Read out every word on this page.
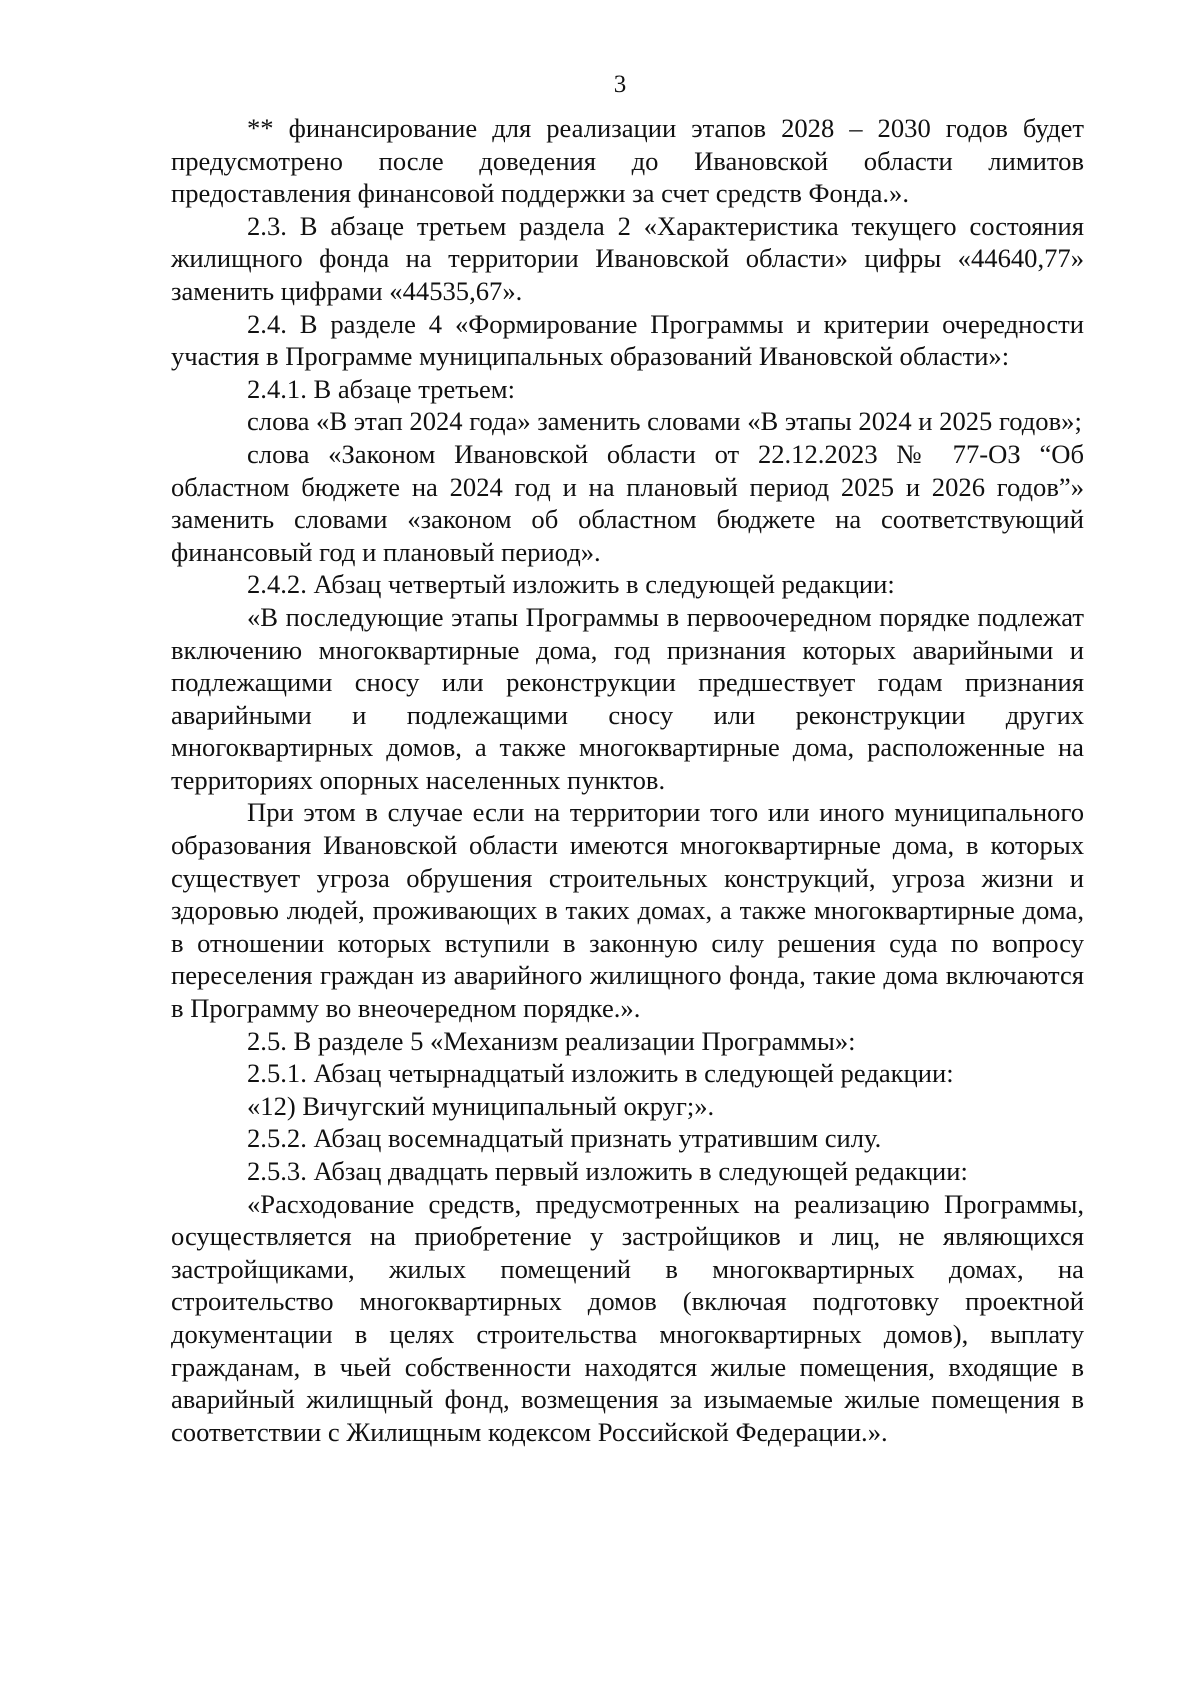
3

** финансирование для реализации этапов 2028 – 2030 годов будет предусмотрено после доведения до Ивановской области лимитов предоставления финансовой поддержки за счет средств Фонда.».

2.3. В абзаце третьем раздела 2 «Характеристика текущего состояния жилищного фонда на территории Ивановской области» цифры «44640,77» заменить цифрами «44535,67».

2.4. В разделе 4 «Формирование Программы и критерии очередности участия в Программе муниципальных образований Ивановской области»:

2.4.1. В абзаце третьем:

слова «В этап 2024 года» заменить словами «В этапы 2024 и 2025 годов»;

слова «Законом Ивановской области от 22.12.2023 № 77-ОЗ “Об областном бюджете на 2024 год и на плановый период 2025 и 2026 годов”» заменить словами «законом об областном бюджете на соответствующий финансовый год и плановый период».

2.4.2. Абзац четвертый изложить в следующей редакции:

«В последующие этапы Программы в первоочередном порядке подлежат включению многоквартирные дома, год признания которых аварийными и подлежащими сносу или реконструкции предшествует годам признания аварийными и подлежащими сносу или реконструкции других многоквартирных домов, а также многоквартирные дома, расположенные на территориях опорных населенных пунктов.

При этом в случае если на территории того или иного муниципального образования Ивановской области имеются многоквартирные дома, в которых существует угроза обрушения строительных конструкций, угроза жизни и здоровью людей, проживающих в таких домах, а также многоквартирные дома, в отношении которых вступили в законную силу решения суда по вопросу переселения граждан из аварийного жилищного фонда, такие дома включаются в Программу во внеочередном порядке.».

2.5. В разделе 5 «Механизм реализации Программы»:

2.5.1. Абзац четырнадцатый изложить в следующей редакции:

«12) Вичугский муниципальный округ;».

2.5.2. Абзац восемнадцатый признать утратившим силу.

2.5.3. Абзац двадцать первый изложить в следующей редакции:

«Расходование средств, предусмотренных на реализацию Программы, осуществляется на приобретение у застройщиков и лиц, не являющихся застройщиками, жилых помещений в многоквартирных домах, на строительство многоквартирных домов (включая подготовку проектной документации в целях строительства многоквартирных домов), выплату гражданам, в чьей собственности находятся жилые помещения, входящие в аварийный жилищный фонд, возмещения за изымаемые жилые помещения в соответствии с Жилищным кодексом Российской Федерации.».
